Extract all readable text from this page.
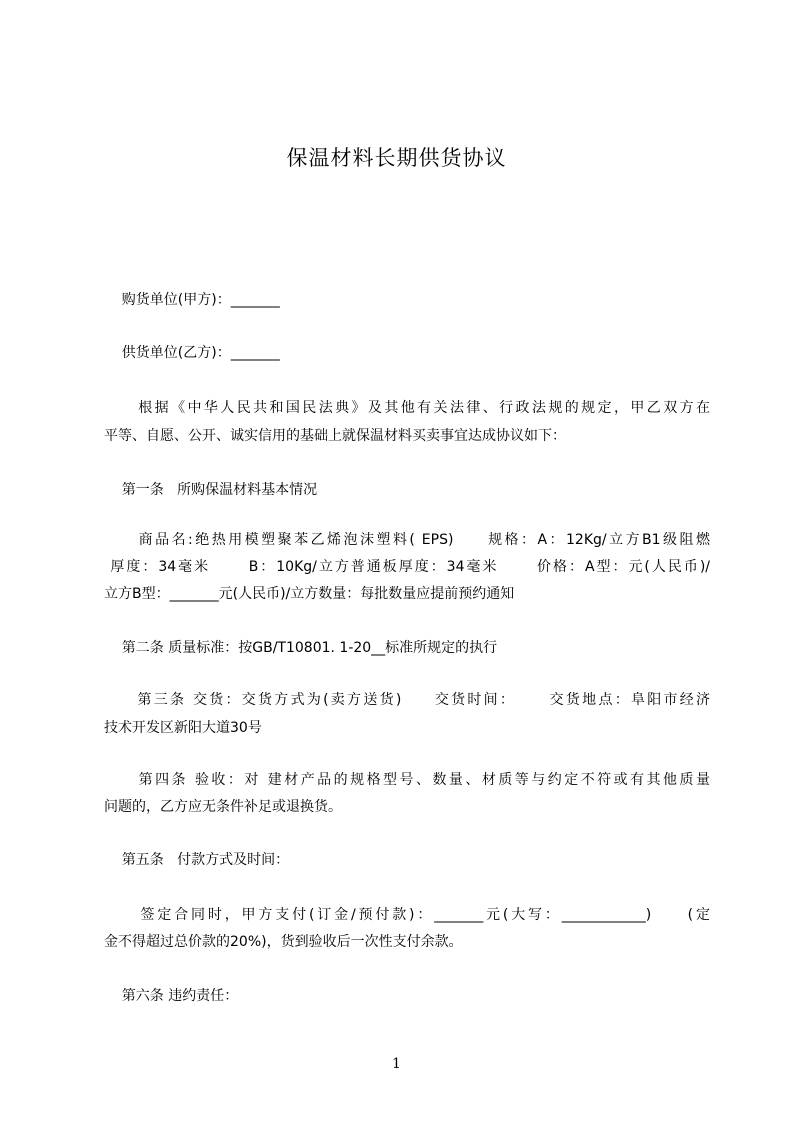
保温材料长期供货协议

购货单位(甲方)：_______

供货单位(乙方)：_______

根据《中华人民共和国民法典》及其他有关法律、行政法规的规定，甲乙双方在

平等、自愿、公开、诚实信用的基础上就保温材料买卖事宜达成协议如下：

第一条   所购保温材料基本情况

商品名:绝热用模塑聚苯乙烯泡沫塑料( EPS)     规格：A：12Kg/立方B1级阻燃

厚度：34毫米      B：10Kg/立方普通板厚度：34毫米      价格：A型：元(人民币)/

立方B型：_______元(人民币)/立方数量：每批数量应提前预约通知

第二条 质量标准：按GB/T10801. 1-20__标准所规定的执行

第三条 交货：交货方式为(卖方送货)     交货时间：     交货地点：阜阳市经济

技术开发区新阳大道30号

第四条 验收：对 建材产品的规格型号、数量、材质等与约定不符或有其他质量

问题的，乙方应无条件补足或退换货。

第五条   付款方式及时间：

签定合同时，甲方支付(订金/预付款)：_______元(大写：____________)     (定

金不得超过总价款的20%)，货到验收后一次性支付余款。

第六条 违约责任：

1
